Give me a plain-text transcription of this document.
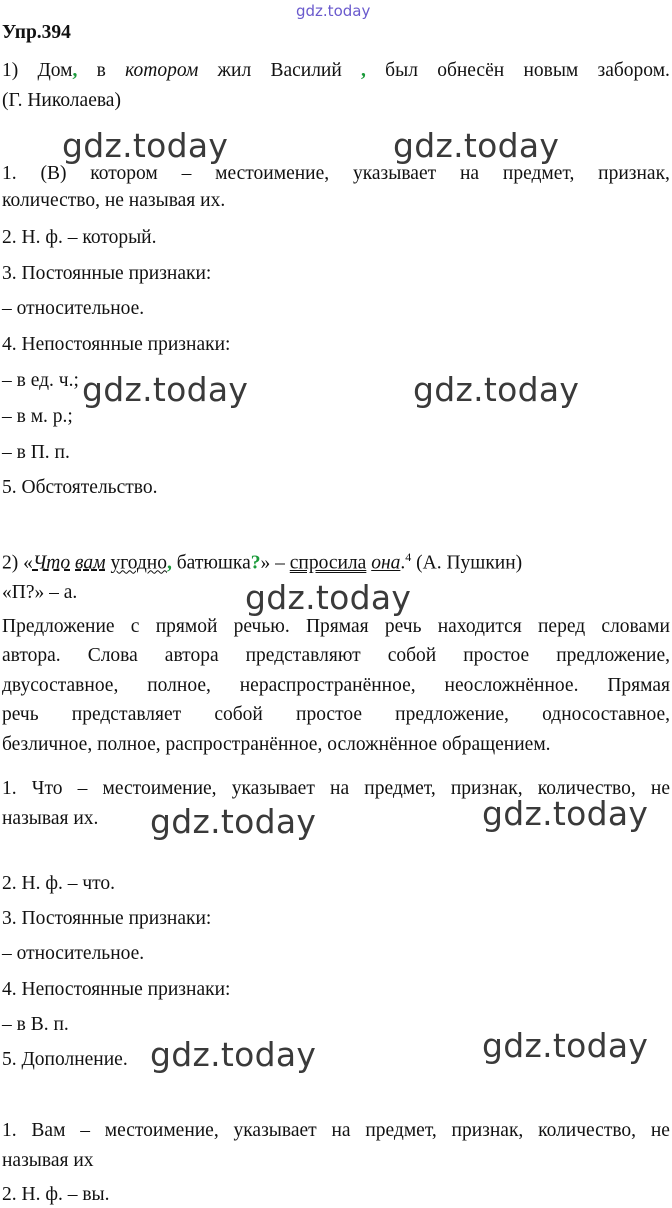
gdz.today
Упр.394
1) Дом, в котором жил Василий , был обнесён новым забором.
(Г. Николаева)
gdz.today	gdz.today
1. (В) котором – местоимение, указывает на предмет, признак,
количество, не называя их.
2. Н. ф. – который.
3. Постоянные признаки:
– относительное.
4. Непостоянные признаки:
– в ед. ч.; gdz.today	gdz.today
– в м. р.;
– в П. п.
5. Обстоятельство.
2) «Что вам угодно, батюшка?» – спросила она.$^4$ (А. Пушкин)
«П?» – а.	gdz.today
Предложение с прямой речью. Прямая речь находится перед словами
автора. Слова автора представляют собой простое предложение,
двусоставное, полное, нераспространённое, неосложнённое. Прямая
речь представляет собой простое предложение, односоставное,
безличное, полное, распространённое, осложнённое обращением.
1. Что – местоимение, указывает на предмет, признак, количество, не
называя их.	gdz.today
gdz.today
2. Н. ф. – что.
3. Постоянные признаки:
– относительное.
4. Непостоянные признаки:
– в В. п.
5. Дополнение. gdz.today	gdz.today
1. Вам – местоимение, указывает на предмет, признак, количество, не
называя их
2. Н. ф. – вы.
